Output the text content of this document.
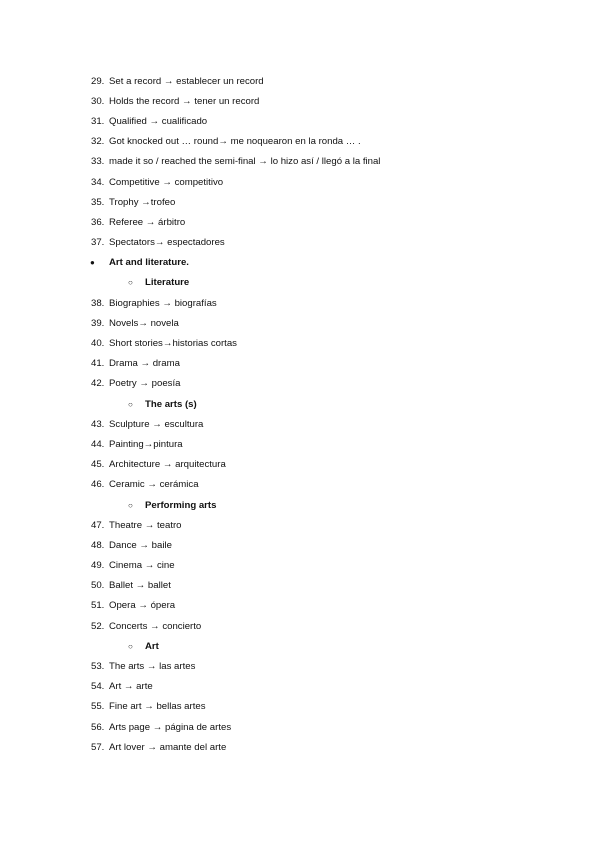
29. Set a record → establecer un record
30. Holds the record → tener un record
31. Qualified → cualificado
32. Got knocked out … round→ me noquearon en la ronda … .
33. made it so / reached the semi-final → lo hizo así / llegó a la final
34. Competitive → competitivo
35. Trophy →trofeo
36. Referee → árbitro
37. Spectators→ espectadores
● Art and literature.
○ Literature
38. Biographies → biografías
39. Novels→ novela
40. Short stories→historias cortas
41. Drama → drama
42. Poetry → poesía
○ The arts (s)
43. Sculpture → escultura
44. Painting→pintura
45. Architecture → arquitectura
46. Ceramic → cerámica
○ Performing arts
47. Theatre → teatro
48. Dance → baile
49. Cinema → cine
50. Ballet → ballet
51. Opera → ópera
52. Concerts → concierto
○ Art
53. The arts → las artes
54. Art → arte
55. Fine art → bellas artes
56. Arts page → página de artes
57. Art lover → amante del arte
